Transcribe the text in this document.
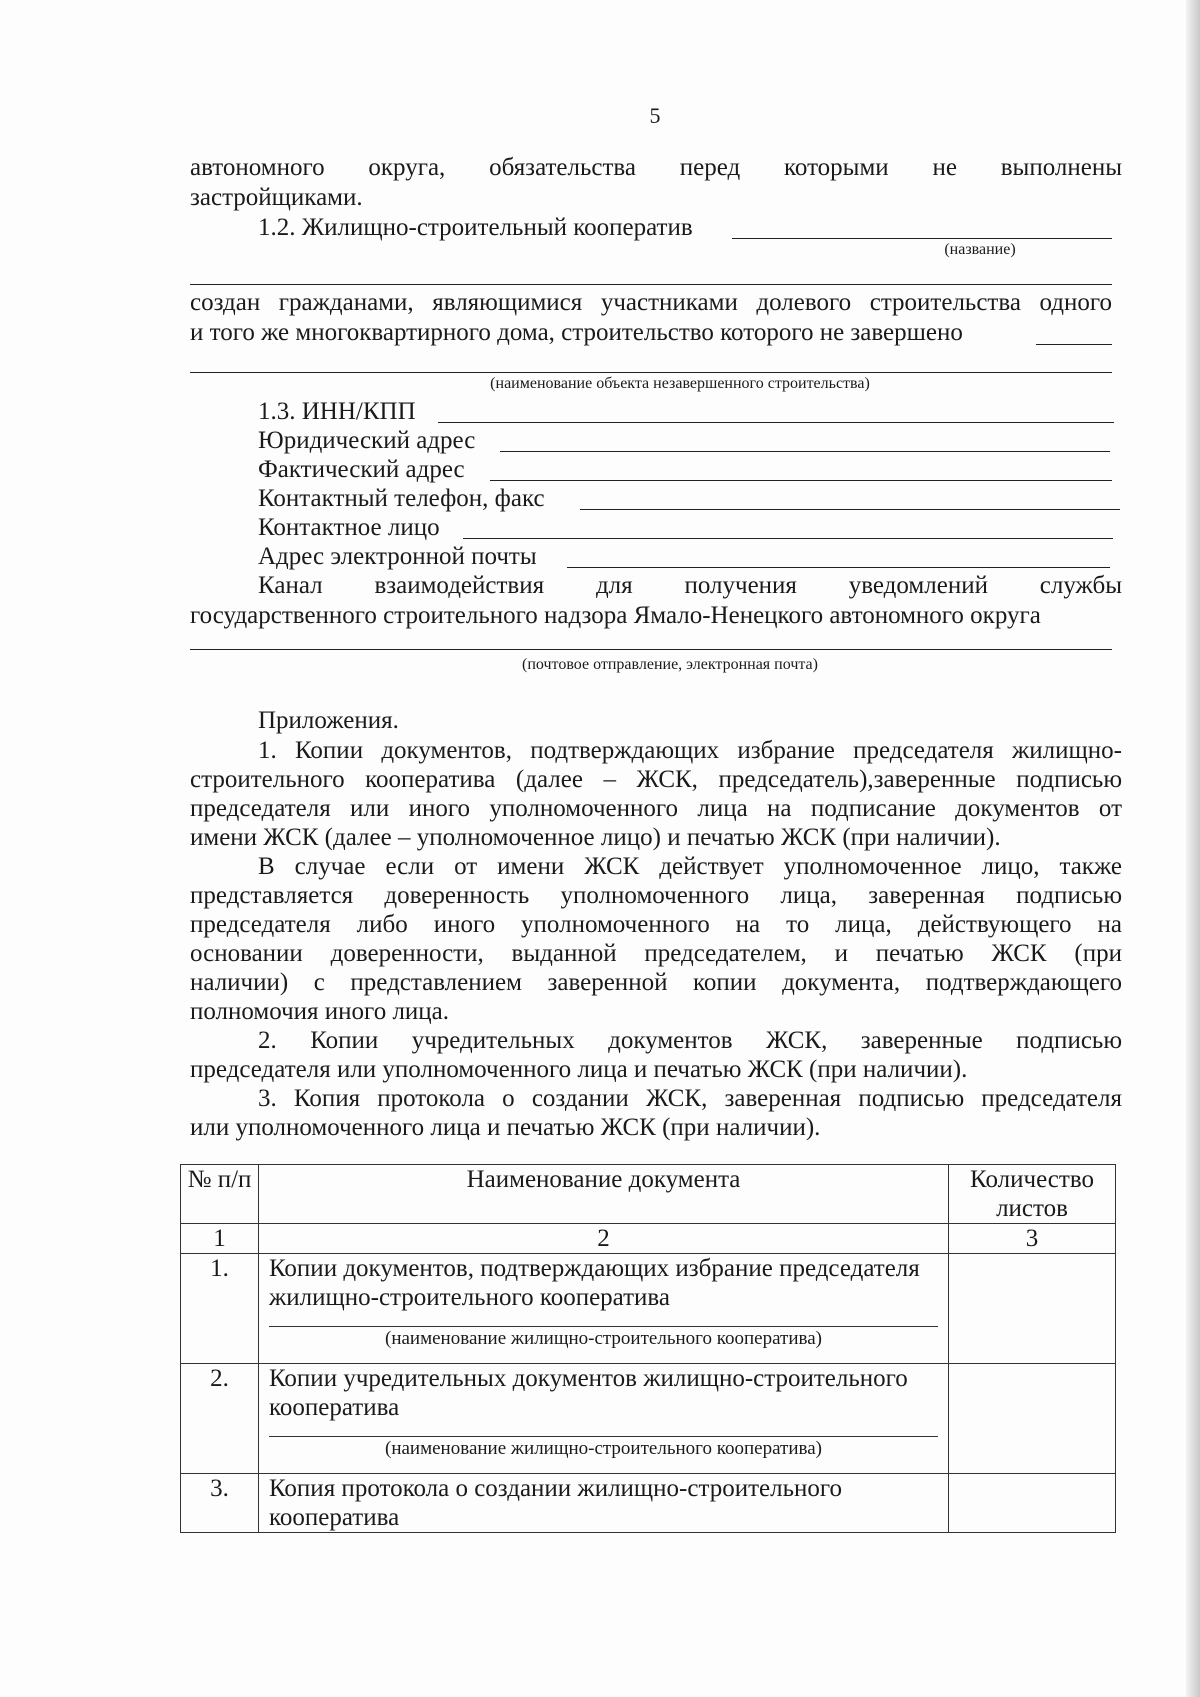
5
автономного округа, обязательства перед которыми не выполнены
застройщиками.
1.2. Жилищно-строительный кооператив
(название)
создан гражданами, являющимися участниками долевого строительства одного
и того же многоквартирного дома, строительство которого не завершено
(наименование объекта незавершенного строительства)
1.3. ИНН/КПП
Юридический адрес
Фактический адрес
Контактный телефон, факс
Контактное лицо
Адрес электронной почты
Канал взаимодействия для получения уведомлений службы
государственного строительного надзора Ямало-Ненецкого автономного округа
(почтовое отправление, электронная почта)
Приложения.
1. Копии документов, подтверждающих избрание председателя жилищно-
строительного кооператива (далее – ЖСК, председатель),заверенные подписью
председателя или иного уполномоченного лица на подписание документов от
имени ЖСК (далее – уполномоченное лицо) и печатью ЖСК (при наличии).
В случае если от имени ЖСК действует уполномоченное лицо, также
представляется доверенность уполномоченного лица, заверенная подписью
председателя либо иного уполномоченного на то лица, действующего на
основании доверенности, выданной председателем, и печатью ЖСК (при
наличии) с представлением заверенной копии документа, подтверждающего
полномочия иного лица.
2. Копии учредительных документов ЖСК, заверенные подписью
председателя или уполномоченного лица и печатью ЖСК (при наличии).
3. Копия протокола о создании ЖСК, заверенная подписью председателя
или уполномоченного лица и печатью ЖСК (при наличии).
№ п/п	Наименование документа	Количество листов
1	2	3
1.	Копии документов, подтверждающих избрание председателя жилищно-строительного кооператива
(наименование жилищно-строительного кооператива)	

2.	Копии учредительных документов жилищно-строительного кооператива
(наименование жилищно-строительного кооператива)	

3.	Копия протокола о создании жилищно-строительного кооператива	
